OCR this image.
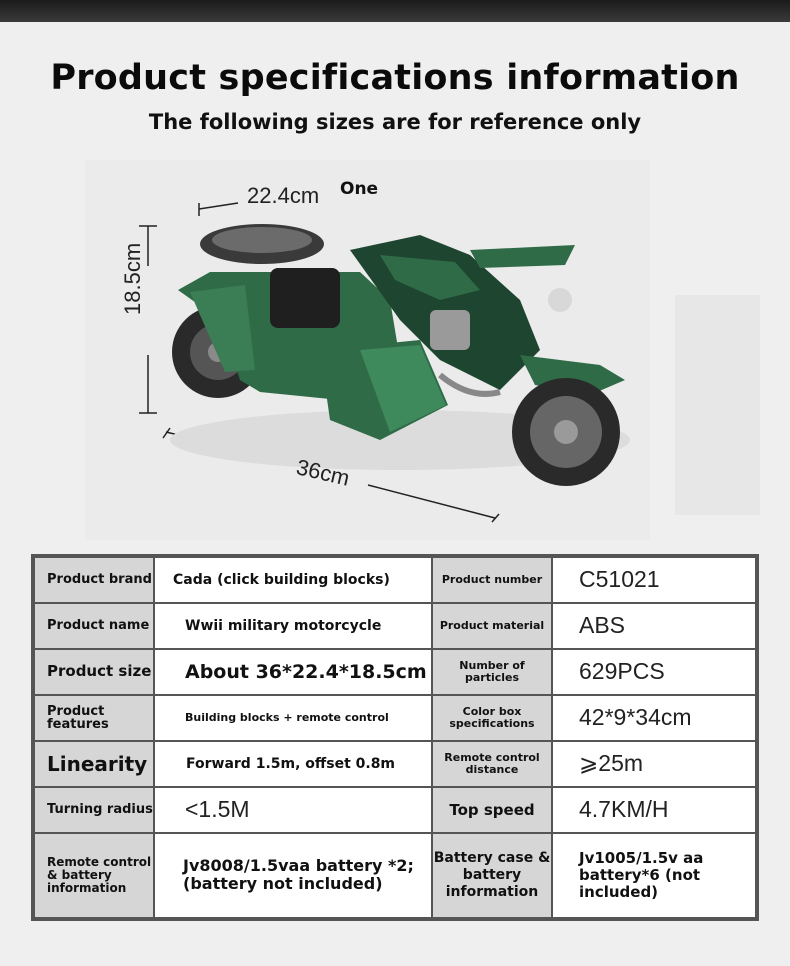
Product specifications information
The following sizes are for reference only
22.4cm One
18.5cm
36cm
Product brand	Cada (click building blocks)	Product number	C51021
Product name	Wwii military motorcycle	Product material	ABS
Product size	About 36*22.4*18.5cm	Number of particles	629PCS
Product features	Building blocks + remote control	Color box specifications	42*9*34cm
Linearity	Forward 1.5m, offset 0.8m	Remote control distance	⩾25m
Turning radius	<1.5M	Top speed	4.7KM/H
Remote control & battery information	Jv8008/1.5vaa battery *2; (battery not included)	Battery case & battery information	Jv1005/1.5v aa battery*6 (not included)
